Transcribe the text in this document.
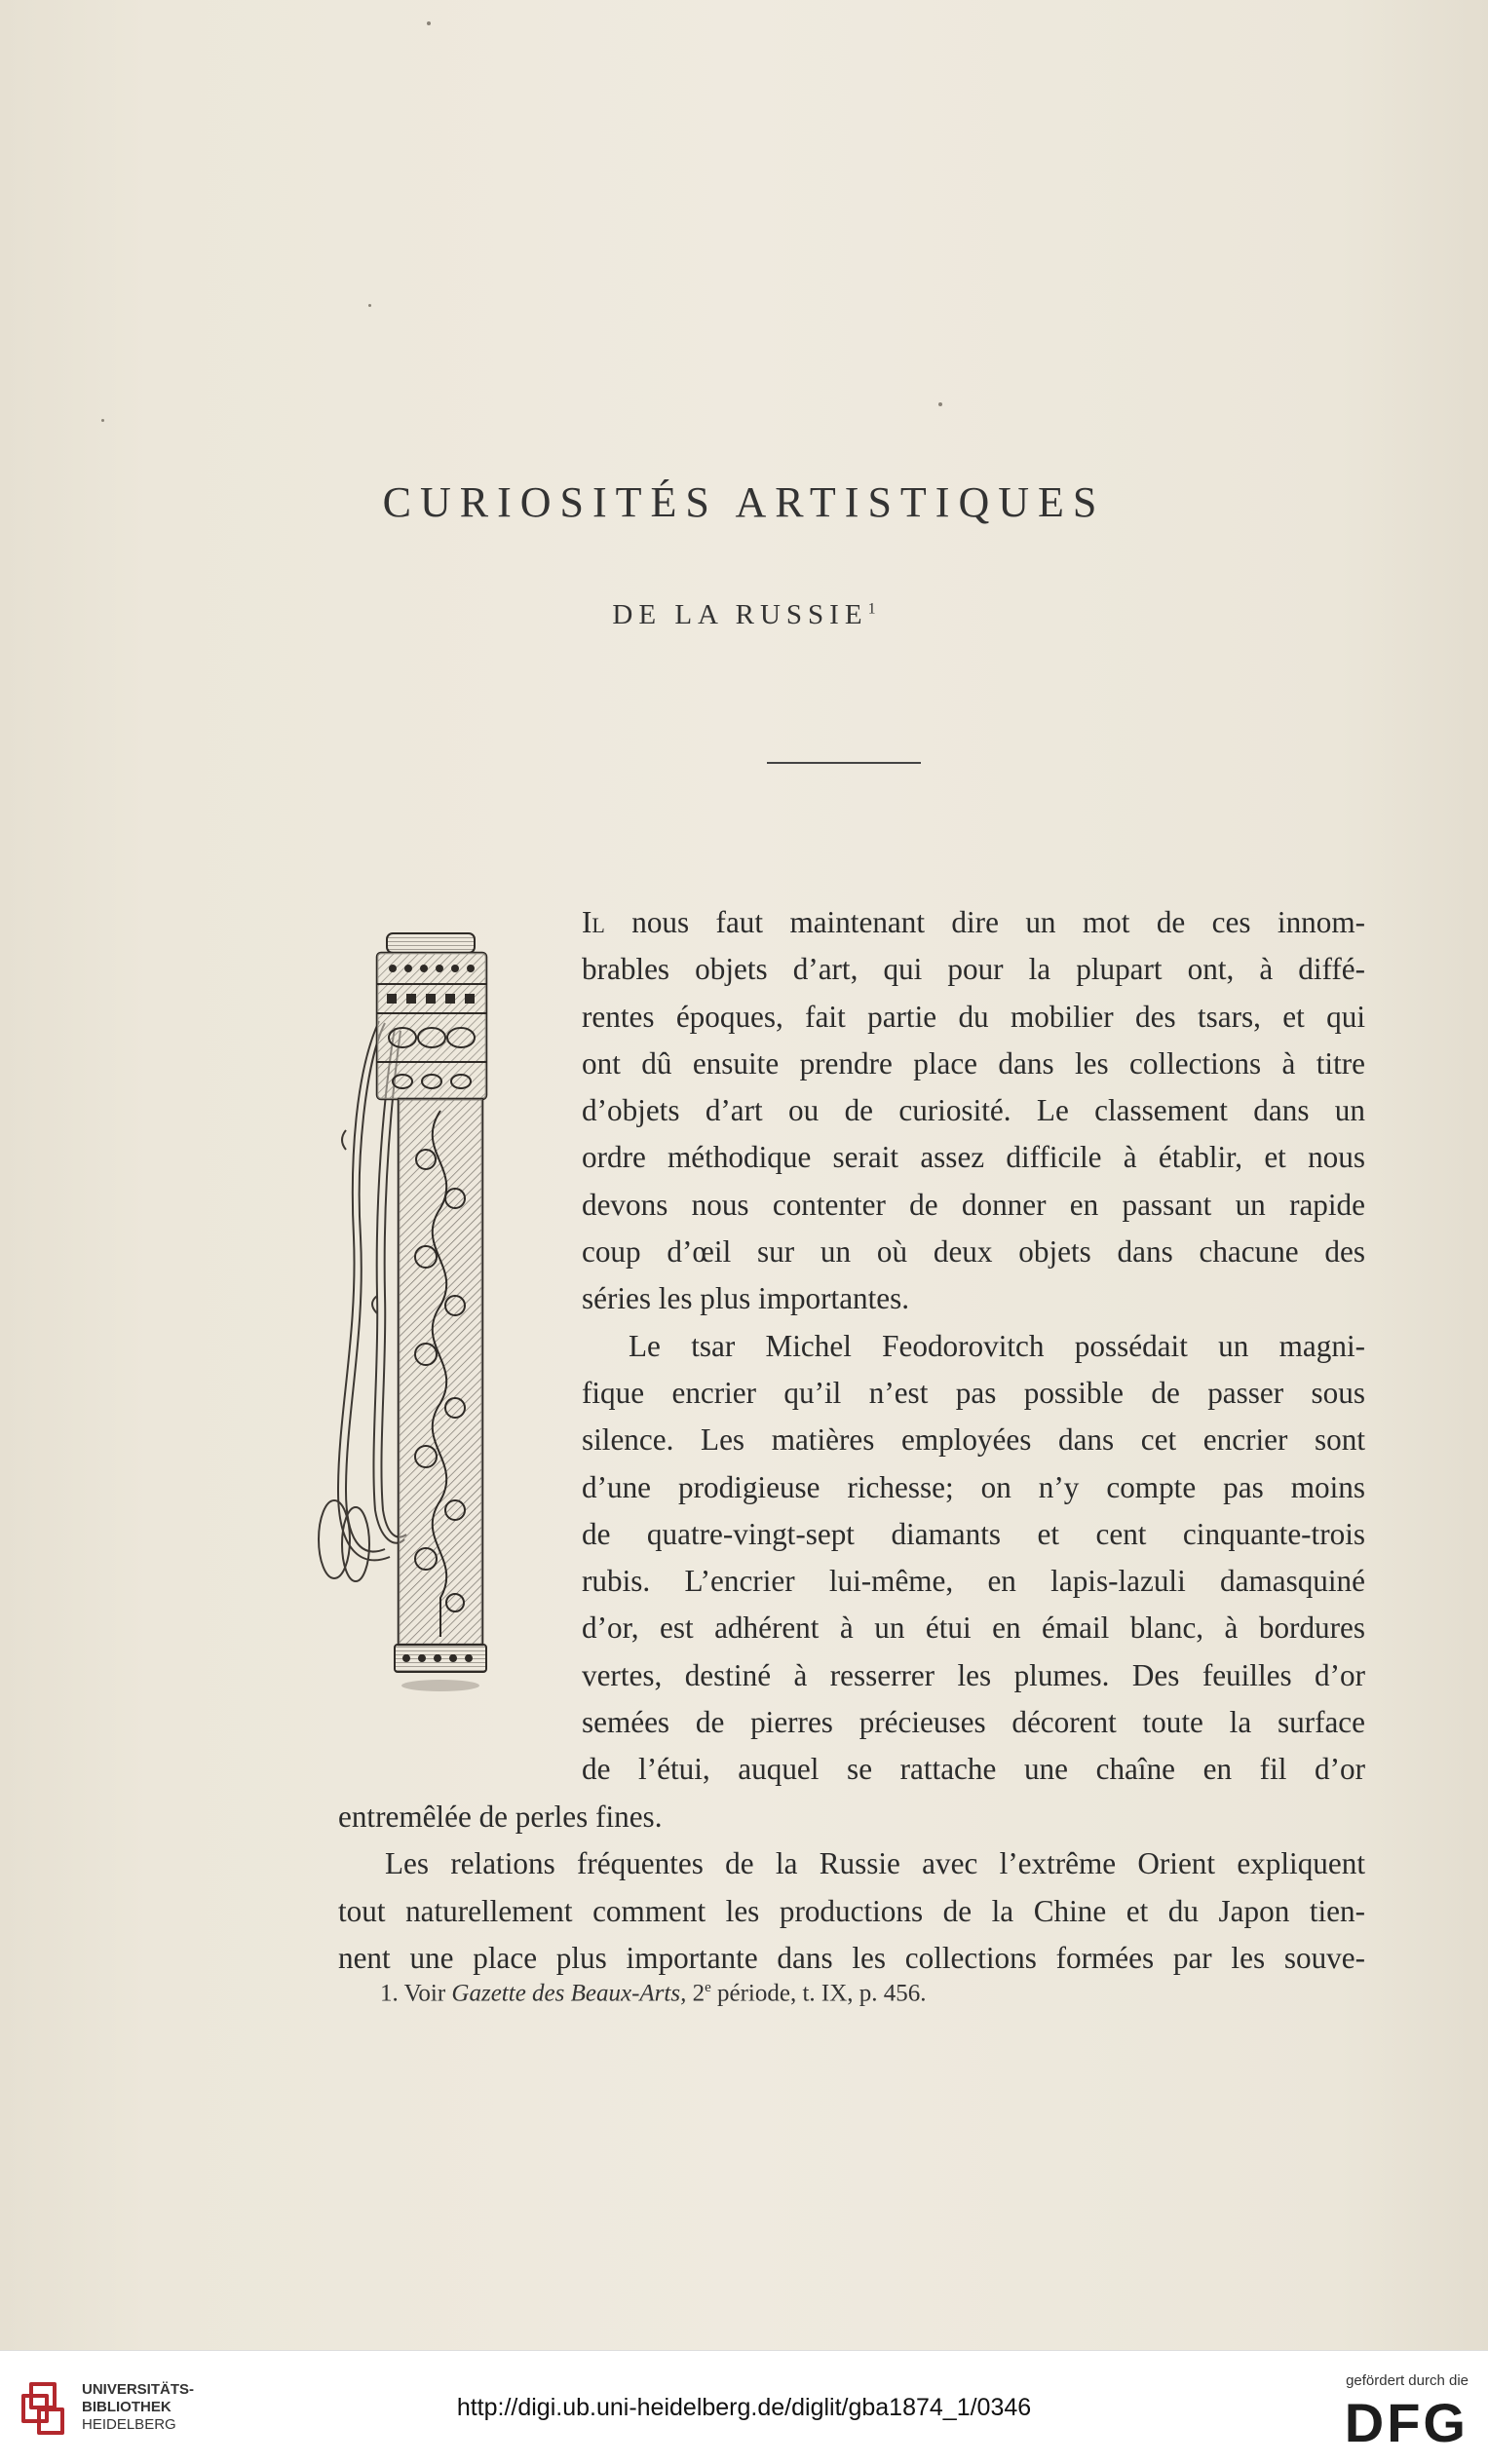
CURIOSITÉS ARTISTIQUES
DE LA RUSSIE$^1$
Il nous faut maintenant dire un mot de ces innom-
brables objets d’art, qui pour la plupart ont, à diffé-
rentes époques, fait partie du mobilier des tsars, et qui
ont dû ensuite prendre place dans les collections à titre
d’objets d’art ou de curiosité. Le classement dans un
ordre méthodique serait assez difficile à établir, et nous
devons nous contenter de donner en passant un rapide
coup d’œil sur un où deux objets dans chacune des
séries les plus importantes.
Le tsar Michel Feodorovitch possédait un magni-
fique encrier qu’il n’est pas possible de passer sous
silence. Les matières employées dans cet encrier sont
d’une prodigieuse richesse; on n’y compte pas moins
de quatre-vingt-sept diamants et cent cinquante-trois
rubis. L’encrier lui-même, en lapis-lazuli damasquiné
d’or, est adhérent à un étui en émail blanc, à bordures
vertes, destiné à resserrer les plumes. Des feuilles d’or
semées de pierres précieuses décorent toute la surface
de l’étui, auquel se rattache une chaîne en fil d’or
entremêlée de perles fines.
Les relations fréquentes de la Russie avec l’extrême Orient expliquent
tout naturellement comment les productions de la Chine et du Japon tien-
nent une place plus importante dans les collections formées par les souve-
1. Voir Gazette des Beaux-Arts, 2e période, t. IX, p. 456.
UNIVERSITÄTS-
BIBLIOTHEK
HEIDELBERG
http://digi.ub.uni-heidelberg.de/diglit/gba1874_1/0346
gefördert durch die
DFG
